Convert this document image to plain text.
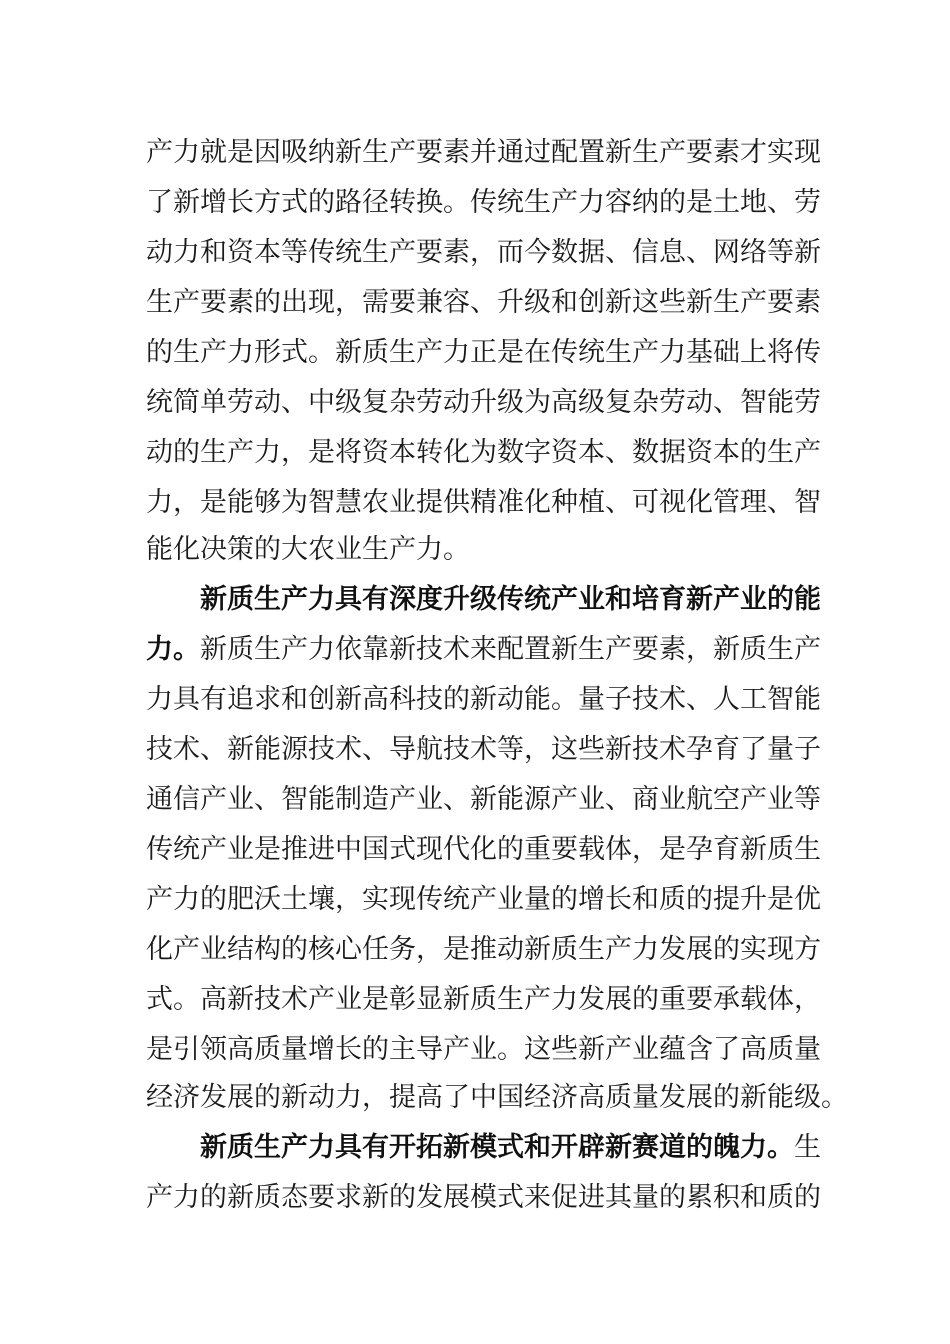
产力就是因吸纳新生产要素并通过配置新生产要素才实现
了新增长方式的路径转换。传统生产力容纳的是土地、劳
动力和资本等传统生产要素，而今数据、信息、网络等新
生产要素的出现，需要兼容、升级和创新这些新生产要素
的生产力形式。新质生产力正是在传统生产力基础上将传
统简单劳动、中级复杂劳动升级为高级复杂劳动、智能劳
动的生产力，是将资本转化为数字资本、数据资本的生产
力，是能够为智慧农业提供精准化种植、可视化管理、智
能化决策的大农业生产力。
新质生产力具有深度升级传统产业和培育新产业的能
力。新质生产力依靠新技术来配置新生产要素，新质生产
力具有追求和创新高科技的新动能。量子技术、人工智能
技术、新能源技术、导航技术等，这些新技术孕育了量子
通信产业、智能制造产业、新能源产业、商业航空产业等
传统产业是推进中国式现代化的重要载体，是孕育新质生
产力的肥沃土壤，实现传统产业量的增长和质的提升是优
化产业结构的核心任务，是推动新质生产力发展的实现方
式。高新技术产业是彰显新质生产力发展的重要承载体，
是引领高质量增长的主导产业。这些新产业蕴含了高质量
经济发展的新动力，提高了中国经济高质量发展的新能级。
新质生产力具有开拓新模式和开辟新赛道的魄力。生
产力的新质态要求新的发展模式来促进其量的累积和质的
